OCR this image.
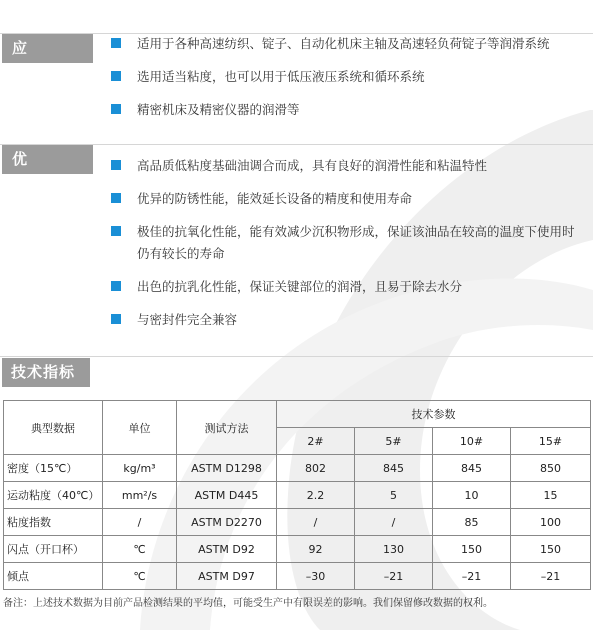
应 用
适用于各种高速纺织、锭子、自动化机床主轴及高速轻负荷锭子等润滑系统
选用适当粘度，也可以用于低压液压系统和循环系统
精密机床及精密仪器的润滑等
优 势
高品质低粘度基础油调合而成，具有良好的润滑性能和粘温特性
优异的防锈性能，能效延长设备的精度和使用寿命
极佳的抗氧化性能，能有效减少沉积物形成，保证该油品在较高的温度下使用时仍有较长的寿命
出色的抗乳化性能，保证关键部位的润滑，且易于除去水分
与密封件完全兼容
技术指标
典型数据	单位	测试方法	技术参数			
			2#	5#	10#	15#
密度（15℃）	kg/m³	ASTM D1298	802	845	845	850
运动粘度（40℃）	mm²/s	ASTM D445	2.2	5	10	15
粘度指数	/	ASTM D2270	/	/	85	100
闪点（开口杯）	℃	ASTM D92	92	130	150	150
倾点	℃	ASTM D97	–30	–21	–21	–21
备注：上述技术数据为目前产品检测结果的平均值，可能受生产中有限误差的影响。我们保留修改数据的权利。
